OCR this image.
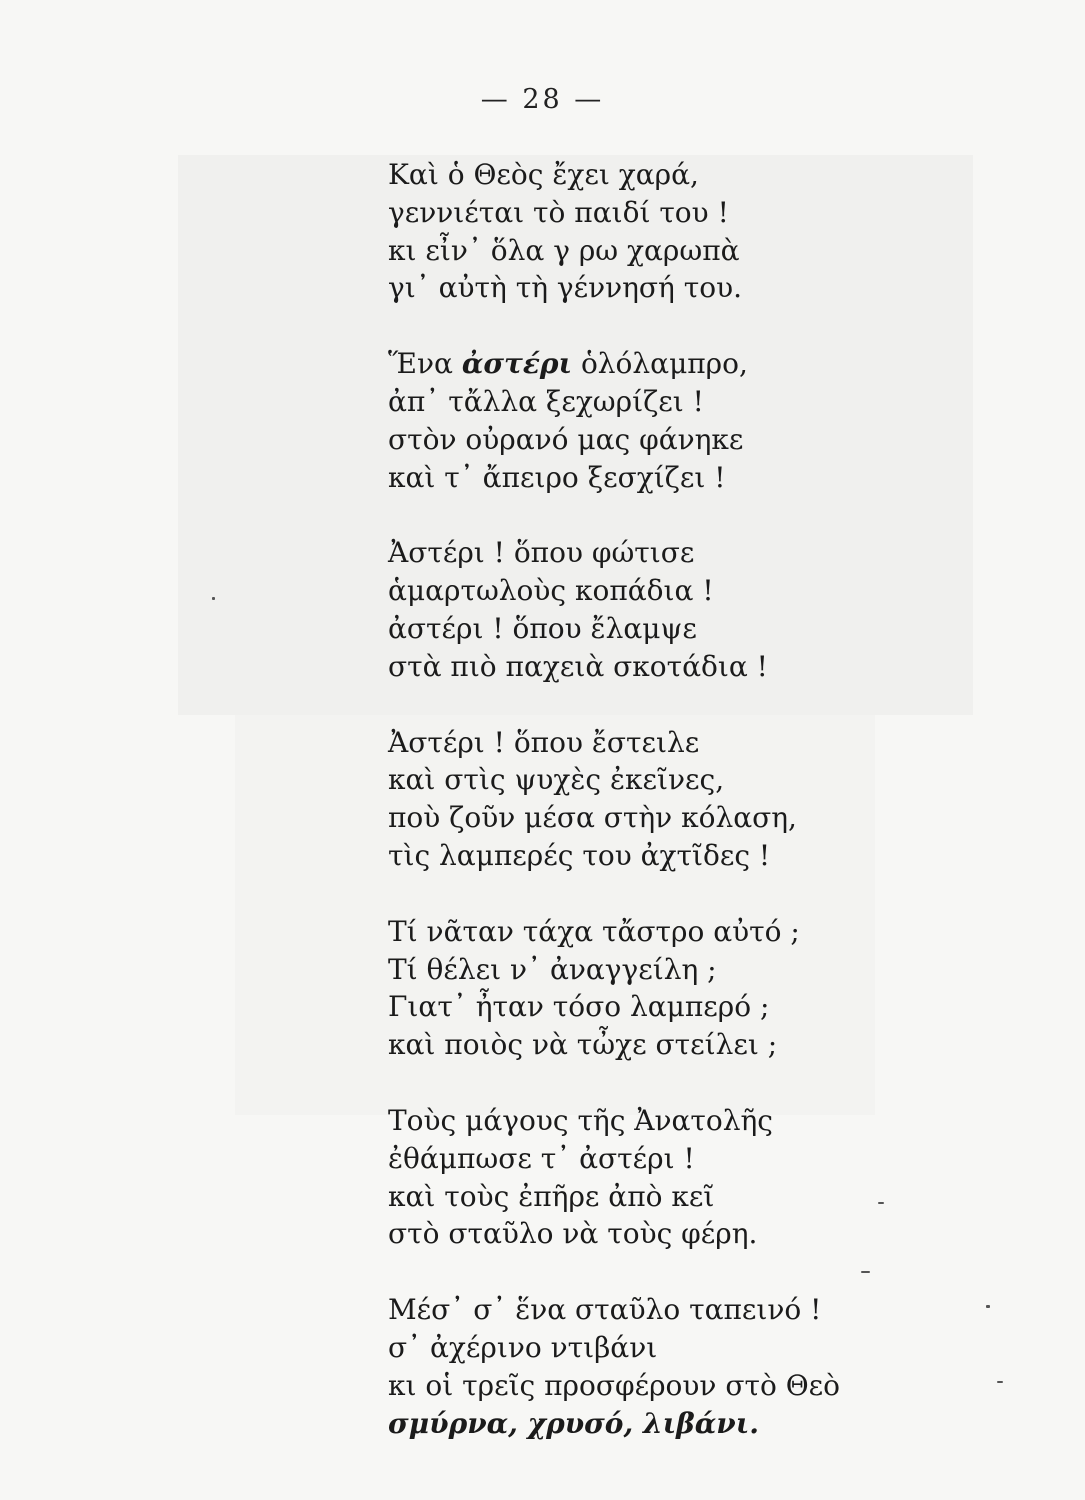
— 28 —
Καὶ ὁ Θεὸς ἔχει χαρά,
γεννιέται τὸ παιδί του !
κι εἶν᾽ ὅλα γ ρω χαρωπὰ
γι᾽ αὐτὴ τὴ γέννησή του.
Ἕνα ἀστέρι ὁλόλαμπρο,
ἀπ᾽ τἄλλα ξεχωρίζει !
στὸν οὐρανό μας φάνηκε
καὶ τ᾽ ἄπειρο ξεσχίζει !
Ἀστέρι ! ὅπου φώτισε
ἁμαρτωλοὺς κοπάδια !
ἀστέρι ! ὅπου ἔλαμψε
στὰ πιὸ παχειὰ σκοτάδια !
Ἀστέρι ! ὅπου ἔστειλε
καὶ στὶς ψυχὲς ἐκεῖνες,
ποὺ ζοῦν μέσα στὴν κόλαση,
τὶς λαμπερές του ἀχτῖδες !
Τί νᾶταν τάχα τἄστρο αὐτό ;
Τί θέλει ν᾽ ἀναγγείλη ;
Γιατ᾽ ἦταν τόσο λαμπερό ;
καὶ ποιὸς νὰ τὦχε στείλει ;
Τοὺς μάγους τῆς Ἀνατολῆς
ἐθάμπωσε τ᾽ ἀστέρι !
καὶ τοὺς ἐπῆρε ἀπὸ κεῖ
στὸ σταῦλο νὰ τοὺς φέρη.
Μέσ᾽ σ᾽ ἕνα σταῦλο ταπεινό !
σ᾽ ἀχέρινο ντιβάνι
κι οἱ τρεῖς προσφέρουν στὸ Θεὸ
σμύρνα, χρυσό, λιβάνι.
